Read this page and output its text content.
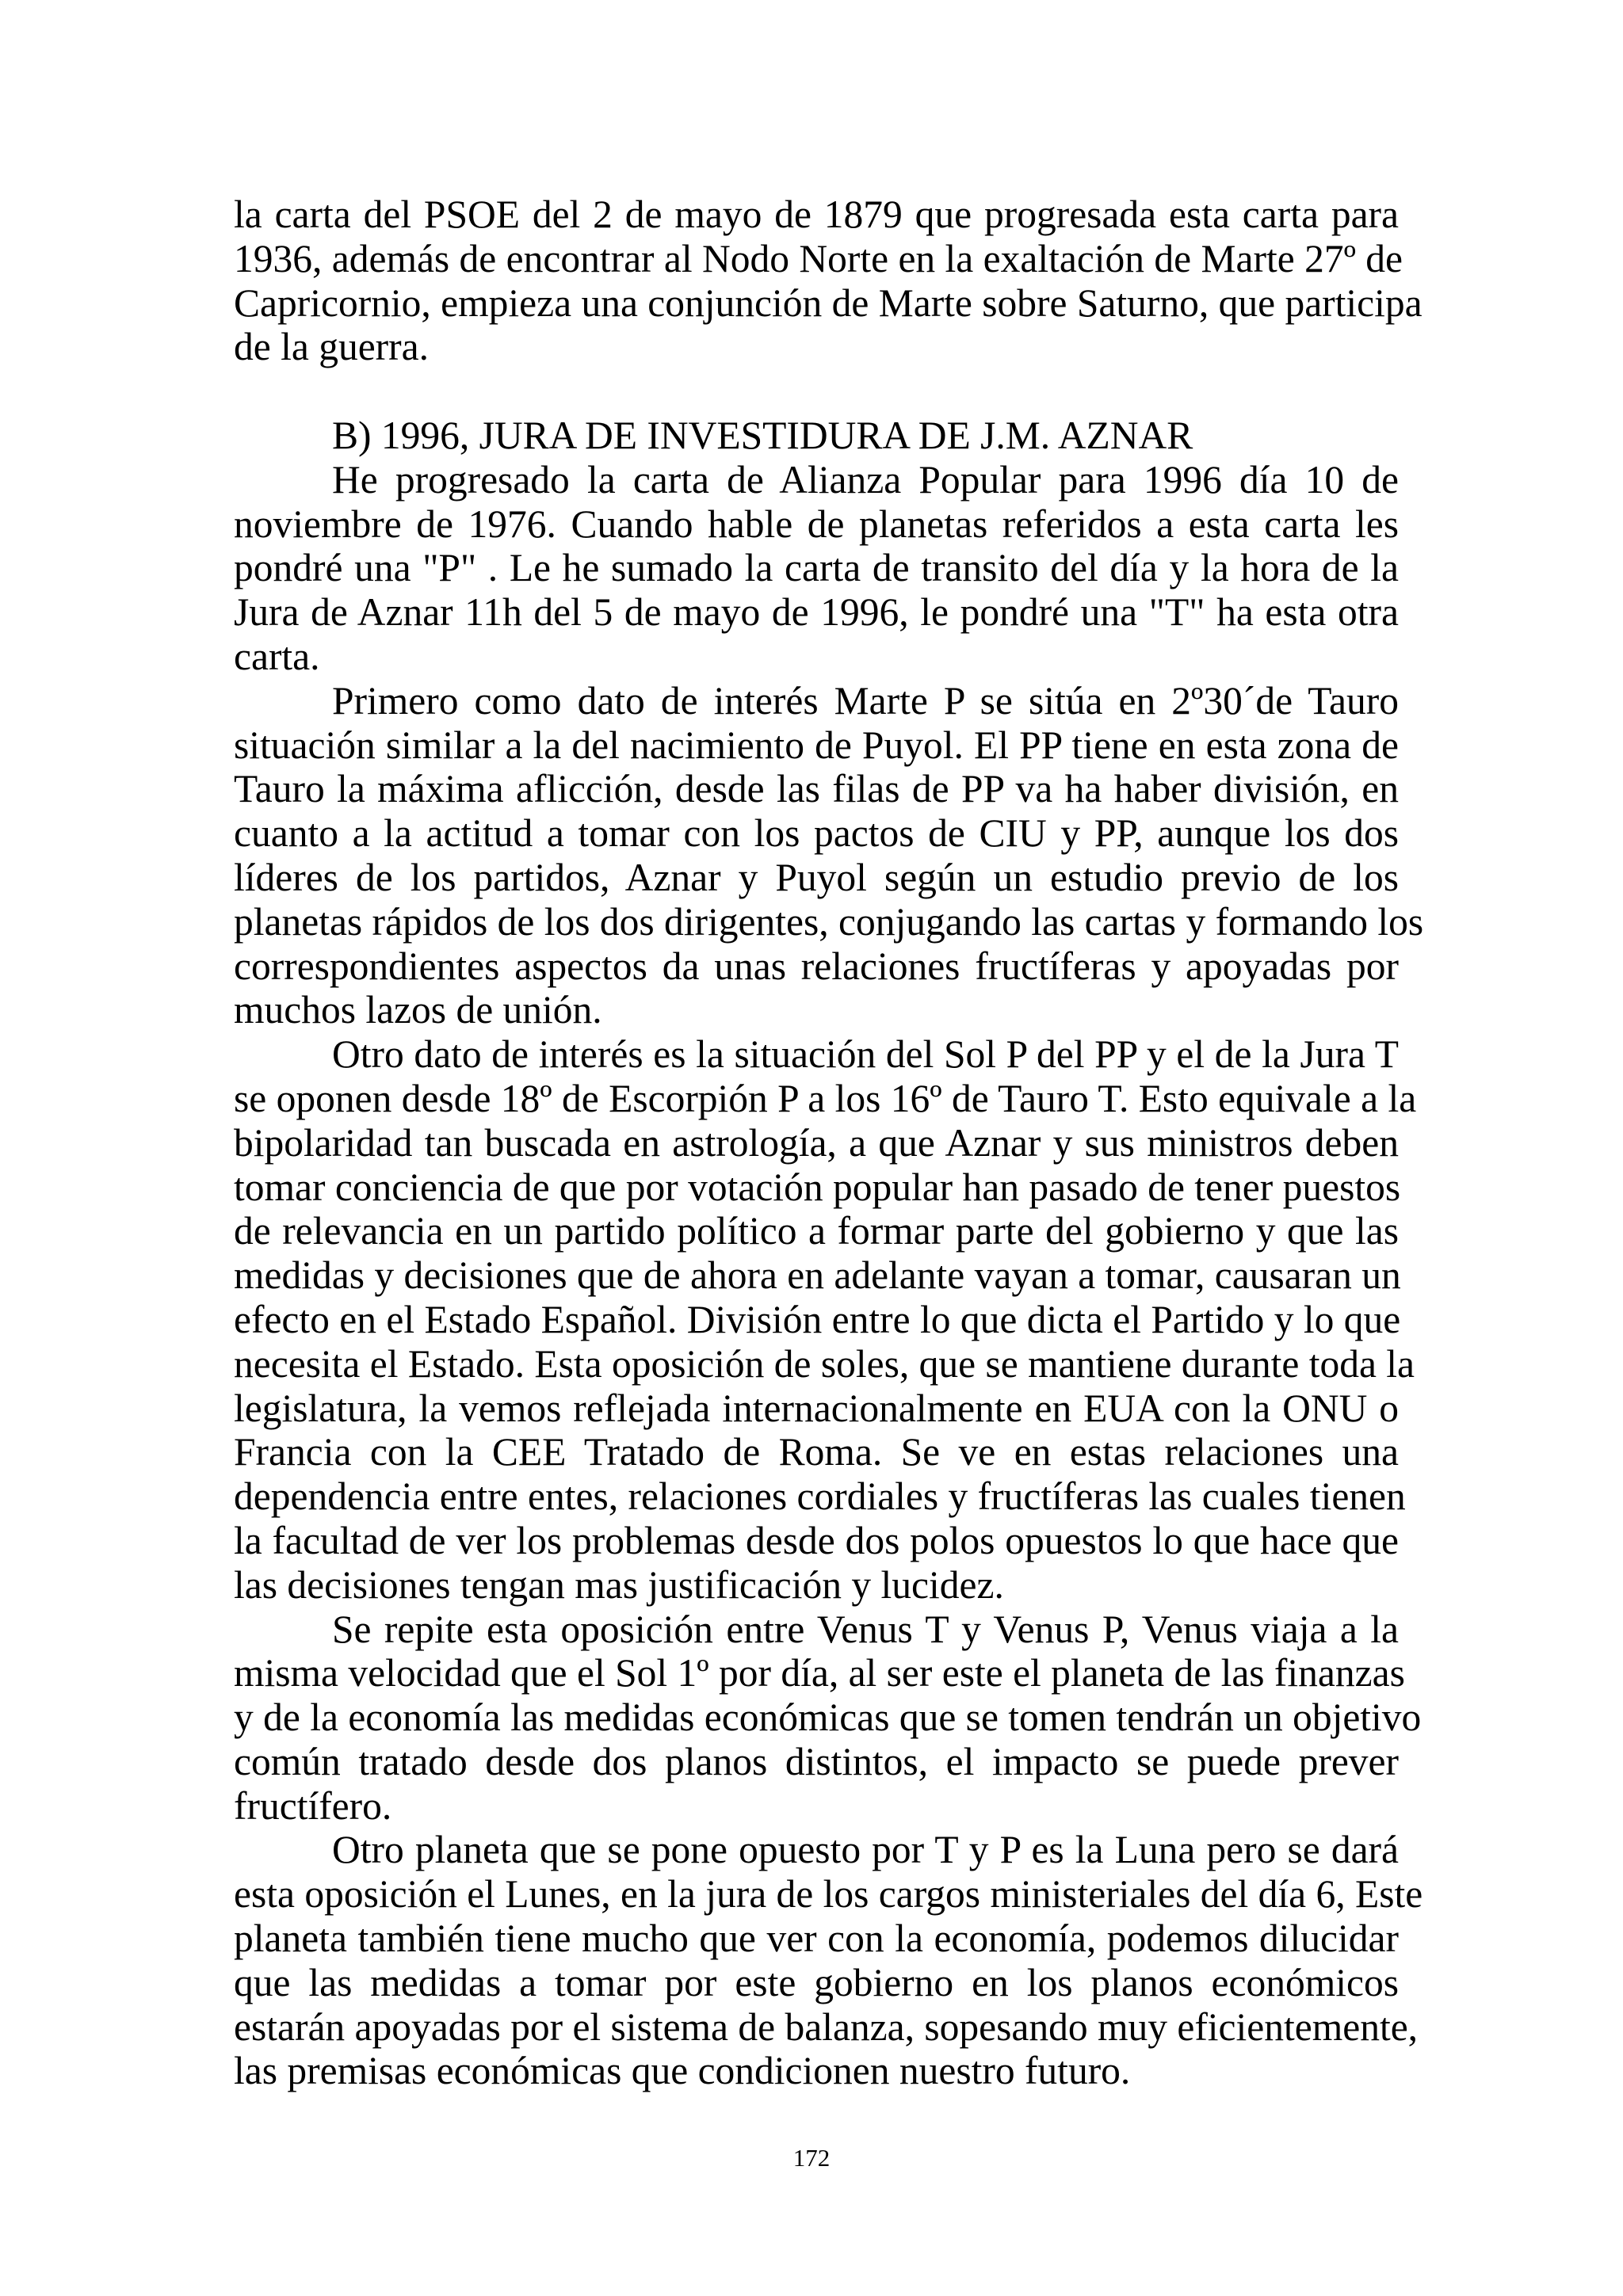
la carta del PSOE del 2 de mayo de 1879 que progresada esta carta para
1936, además de encontrar al Nodo Norte en la exaltación de Marte 27º de
Capricornio, empieza una conjunción de Marte sobre Saturno, que participa
de la guerra.
B) 1996, JURA DE INVESTIDURA DE J.M. AZNAR
He progresado la carta de Alianza Popular para 1996 día 10 de
noviembre de 1976. Cuando hable de planetas referidos a esta carta les
pondré una "P" . Le he sumado la carta de transito del día y la hora de la
Jura de Aznar 11h del 5 de mayo de 1996, le pondré una "T" ha esta otra
carta.
Primero como dato de interés Marte P se sitúa en 2º30´de Tauro
situación similar a la del nacimiento de Puyol. El PP tiene en esta zona de
Tauro la máxima aflicción, desde las filas de PP va ha haber división, en
cuanto a la actitud a tomar con los pactos de CIU y PP, aunque los dos
líderes de los partidos, Aznar y Puyol según un estudio previo de los
planetas rápidos de los dos dirigentes, conjugando las cartas y formando los
correspondientes aspectos da unas relaciones fructíferas y apoyadas por
muchos lazos de unión.
Otro dato de interés es la situación del Sol P del PP y el de la Jura T
se oponen desde 18º de Escorpión P a los 16º de Tauro T. Esto equivale a la
bipolaridad tan buscada en astrología, a que Aznar y sus ministros deben
tomar conciencia de que por votación popular han pasado de tener puestos
de relevancia en un partido político a formar parte del gobierno y que las
medidas y decisiones que de ahora en adelante vayan a tomar, causaran un
efecto en el Estado Español. División entre lo que dicta el Partido y lo que
necesita el Estado. Esta oposición de soles, que se mantiene durante toda la
legislatura, la vemos reflejada internacionalmente en EUA con la ONU o
Francia con la CEE Tratado de Roma. Se ve en estas relaciones una
dependencia entre entes, relaciones cordiales y fructíferas las cuales tienen
la facultad de ver los problemas desde dos polos opuestos lo que hace que
las decisiones tengan mas justificación y lucidez.
Se repite esta oposición entre Venus T y Venus P, Venus viaja a la
misma velocidad que el Sol 1º por día, al ser este el planeta de las finanzas
y de la economía las medidas económicas que se tomen tendrán un objetivo
común tratado desde dos planos distintos, el impacto se puede prever
fructífero.
Otro planeta que se pone opuesto por T y P es la Luna pero se dará
esta oposición el Lunes, en la jura de los cargos ministeriales del día 6, Este
planeta también tiene mucho que ver con la economía, podemos dilucidar
que las medidas a tomar por este gobierno en los planos económicos
estarán apoyadas por el sistema de balanza, sopesando muy eficientemente,
las premisas económicas que condicionen nuestro futuro.
172
